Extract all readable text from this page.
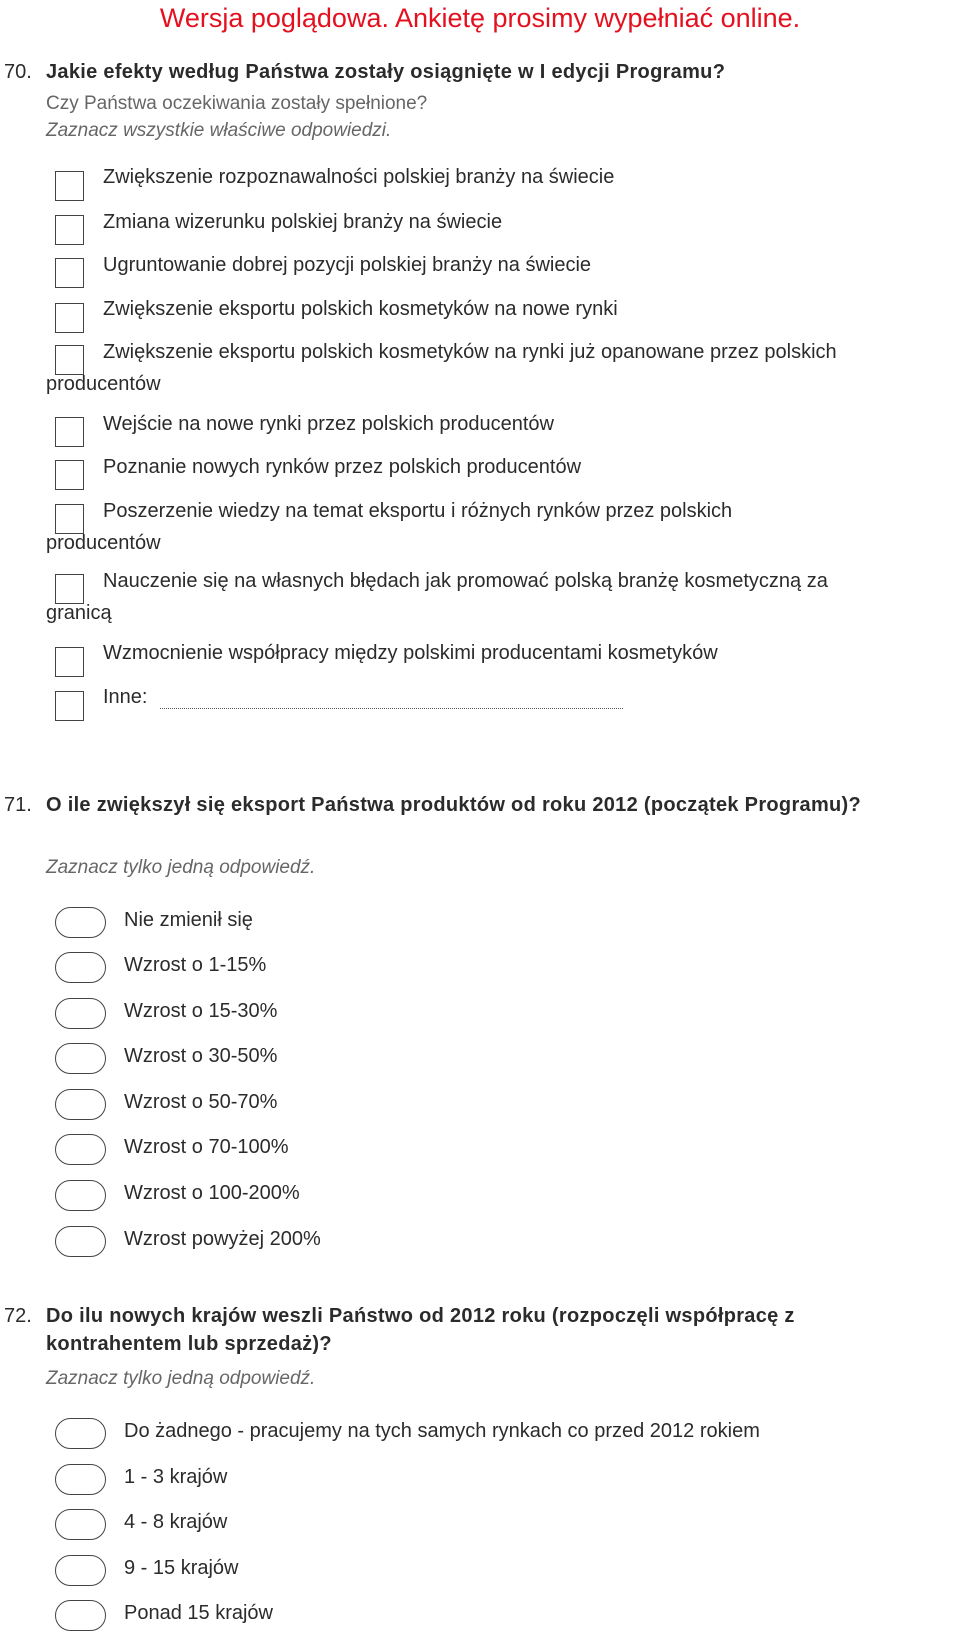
Wersja poglądowa. Ankietę prosimy wypełniać online.
70. Jakie efekty według Państwa zostały osiągnięte w I edycji Programu?
Czy Państwa oczekiwania zostały spełnione?
Zaznacz wszystkie właściwe odpowiedzi.
Zwiększenie rozpoznawalności polskiej branży na świecie
Zmiana wizerunku polskiej branży na świecie
Ugruntowanie dobrej pozycji polskiej branży na świecie
Zwiększenie eksportu polskich kosmetyków na nowe rynki
Zwiększenie eksportu polskich kosmetyków na rynki już opanowane przez polskich
producentów
Wejście na nowe rynki przez polskich producentów
Poznanie nowych rynków przez polskich producentów
Poszerzenie wiedzy na temat eksportu i różnych rynków przez polskich
producentów
Nauczenie się na własnych błędach jak promować polską branżę kosmetyczną za
granicą
Wzmocnienie współpracy między polskimi producentami kosmetyków
Inne:
71. O ile zwiększył się eksport Państwa produktów od roku 2012 (początek Programu)?
Zaznacz tylko jedną odpowiedź.
Nie zmienił się
Wzrost o 1-15%
Wzrost o 15-30%
Wzrost o 30-50%
Wzrost o 50-70%
Wzrost o 70-100%
Wzrost o 100-200%
Wzrost powyżej 200%
72. Do ilu nowych krajów weszli Państwo od 2012 roku (rozpoczęli współpracę z kontrahentem lub sprzedaż)?
Zaznacz tylko jedną odpowiedź.
Do żadnego - pracujemy na tych samych rynkach co przed 2012 rokiem
1 - 3 krajów
4 - 8 krajów
9 - 15 krajów
Ponad 15 krajów
